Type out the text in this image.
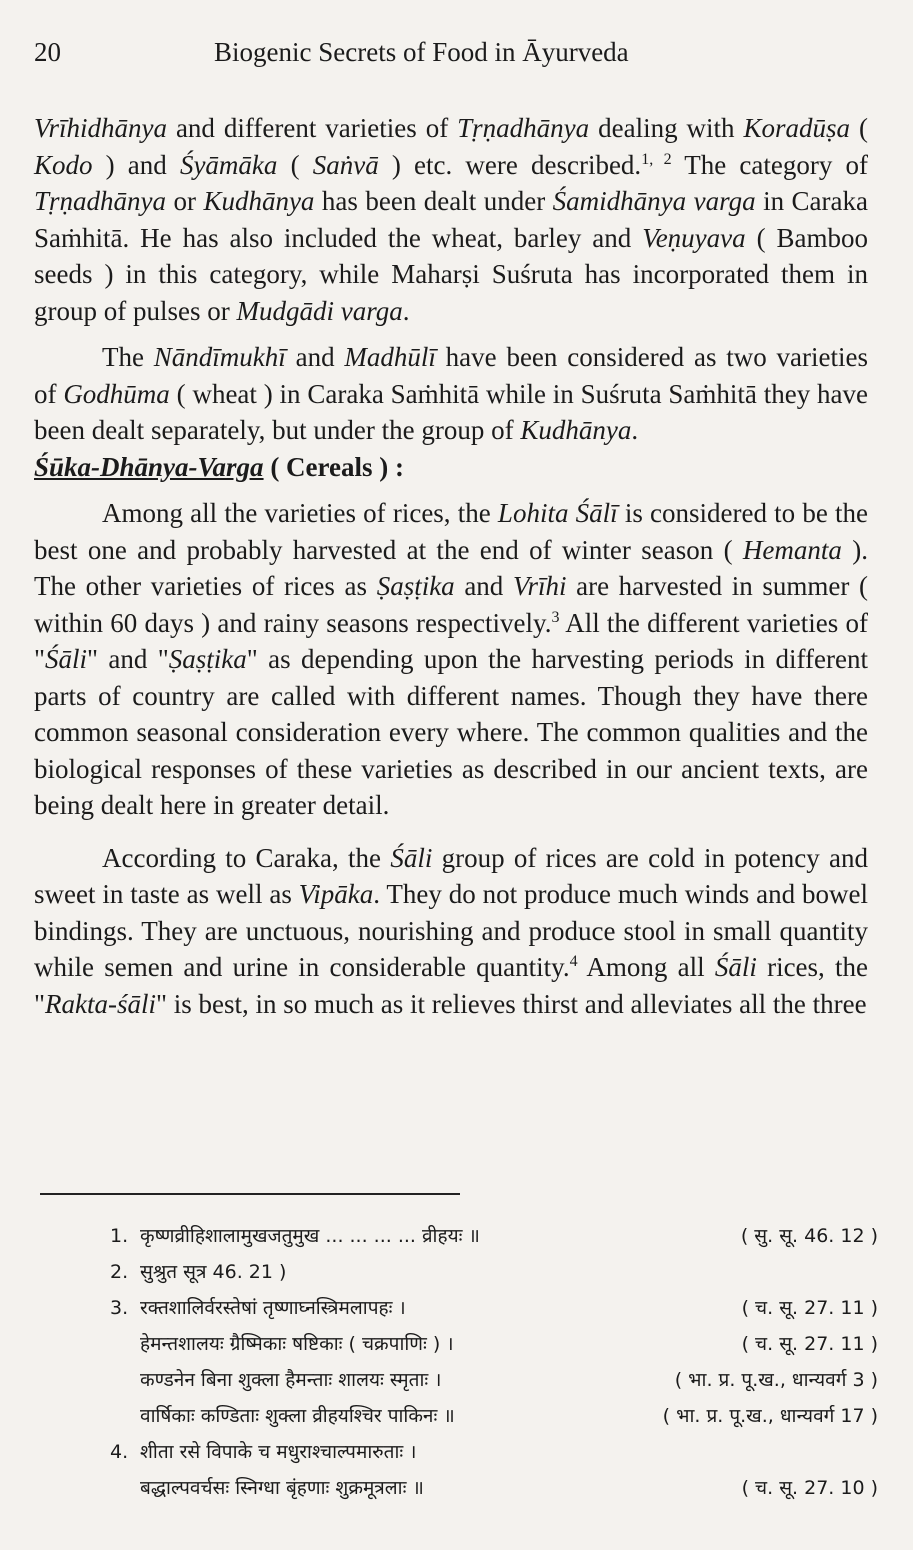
20	Biogenic Secrets of Food in Āyurveda

Vrīhidhānya and different varieties of Tṛṇadhānya dealing with Koradūṣa ( Kodo ) and Śyāmāka ( Saṅvā ) etc. were described.$^{1, 2}$ The category of Tṛṇadhānya or Kudhānya has been dealt under Śamidhānya varga in Caraka Saṁhitā. He has also included the wheat, barley and Veṇuyava ( Bamboo seeds ) in this category, while Maharṣi Suśruta has incorporated them in group of pulses or Mudgādi varga.

The Nāndīmukhī and Madhūlī have been considered as two varieties of Godhūma ( wheat ) in Caraka Saṁhitā while in Suśruta Saṁhitā they have been dealt separately, but under the group of Kudhānya.

Śūka-Dhānya-Varga ( Cereals ) :

Among all the varieties of rices, the Lohita Śālī is considered to be the best one and probably harvested at the end of winter season ( Hemanta ). The other varieties of rices as Ṣaṣṭika and Vrīhi are harvested in summer ( within 60 days ) and rainy seasons respectively.$^3$ All the different varieties of "Śāli" and "Ṣaṣṭika" as depending upon the harvesting periods in different parts of country are called with different names. Though they have there common seasonal consideration every where. The common qualities and the biological responses of these varieties as described in our ancient texts, are being dealt here in greater detail.

According to Caraka, the Śāli group of rices are cold in potency and sweet in taste as well as Vipāka. They do not produce much winds and bowel bindings. They are unctuous, nourishing and produce stool in small quantity while semen and urine in considerable quantity.$^4$ Among all Śāli rices, the "Rakta-śāli" is best, in so much as it relieves thirst and alleviates all the three

1. कृष्णव्रीहिशालामुखजतुमुख ... ... ... ... व्रीहयः ॥	( सु. सू. 46. 12 )
2. सुश्रुत सूत्र 46. 21 )
3. रक्तशालिर्वरस्तेषां तृष्णाघ्नस्त्रिमलापहः ।	( च. सू. 27. 11 )
हेमन्तशालयः ग्रैष्मिकाः षष्टिकाः ( चक्रपाणिः ) ।	( च. सू. 27. 11 )
कण्डनेन बिना शुक्ला हैमन्ताः शालयः स्मृताः ।	( भा. प्र. पू.ख., धान्यवर्ग 3 )
वार्षिकाः कण्डिताः शुक्ला व्रीहयश्चिर पाकिनः ॥	( भा. प्र. पू.ख., धान्यवर्ग 17 )
4. शीता रसे विपाके च मधुराश्चाल्पमारुताः ।
बद्धाल्पवर्चसः स्निग्धा बृंहणाः शुक्रमूत्रलाः ॥	( च. सू. 27. 10 )
